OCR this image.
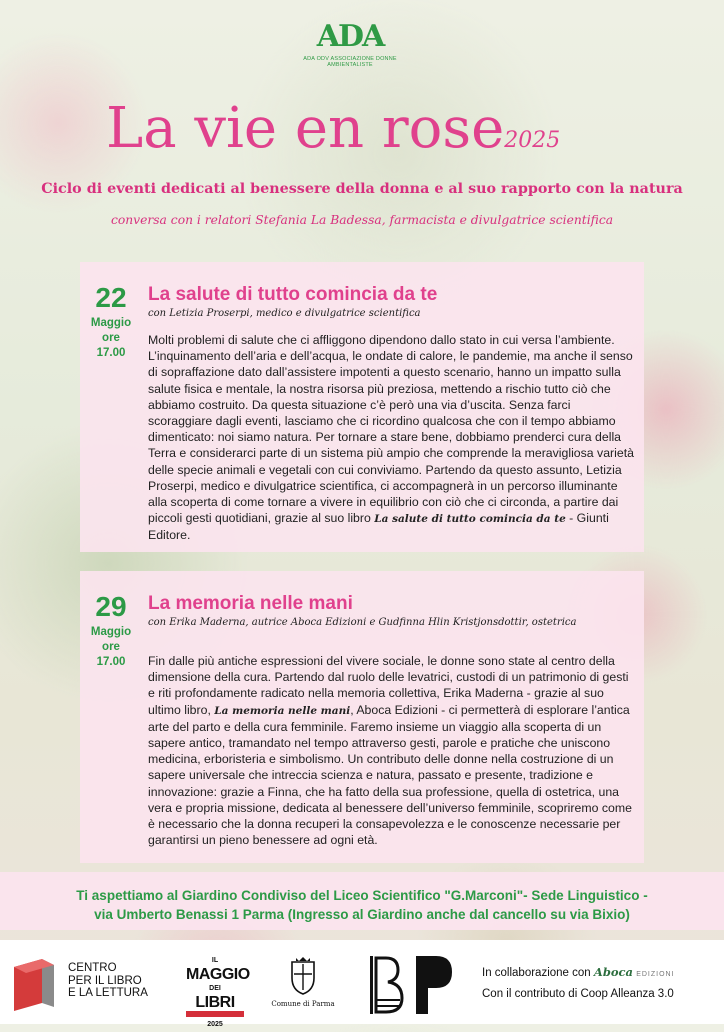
ADA
ADA ODV ASSOCIAZIONE DONNE AMBIENTALISTE
La vie en rose2025
Ciclo di eventi dedicati al benessere della donna e al suo rapporto con la natura
conversa con i relatori Stefania La Badessa, farmacista e divulgatrice scientifica
22
Maggio
ore
17.00
La salute di tutto comincia da te
con Letizia Proserpi, medico e divulgatrice scientifica
Molti problemi di salute che ci affliggono dipendono dallo stato in cui versa l’ambiente. L’inquinamento dell’aria e dell’acqua, le ondate di calore, le pandemie, ma anche il senso di sopraffazione dato dall’assistere impotenti a questo scenario, hanno un impatto sulla salute fisica e mentale, la nostra risorsa più preziosa, mettendo a rischio tutto ciò che abbiamo costruito. Da questa situazione c’è però una via d’uscita. Senza farci scoraggiare dagli eventi, lasciamo che ci ricordino qualcosa che con il tempo abbiamo dimenticato: noi siamo natura. Per tornare a stare bene, dobbiamo prenderci cura della Terra e considerarci parte di un sistema più ampio che comprende la meravigliosa varietà delle specie animali e vegetali con cui conviviamo. Partendo da questo assunto, Letizia Proserpi, medico e divulgatrice scientifica, ci accompagnerà in un percorso illuminante alla scoperta di come tornare a vivere in equilibrio con ciò che ci circonda, a partire dai piccoli gesti quotidiani, grazie al suo libro La salute di tutto comincia da te - Giunti Editore.
29
Maggio
ore
17.00
La memoria nelle mani
con Erika Maderna, autrice Aboca Edizioni e Gudfinna Hlin Kristjonsdottir, ostetrica
Fin dalle più antiche espressioni del vivere sociale, le donne sono state al centro della dimensione della cura. Partendo dal ruolo delle levatrici, custodi di un patrimonio di gesti e riti profondamente radicato nella memoria collettiva, Erika Maderna - grazie al suo ultimo libro, La memoria nelle mani, Aboca Edizioni - ci permetterà di esplorare l’antica arte del parto e della cura femminile. Faremo insieme un viaggio alla scoperta di un sapere antico, tramandato nel tempo attraverso gesti, parole e pratiche che uniscono medicina, erboristeria e simbolismo. Un contributo delle donne nella costruzione di un sapere universale che intreccia scienza e natura, passato e presente, tradizione e innovazione: grazie a Finna, che ha fatto della sua professione, quella di ostetrica, una vera e propria missione, dedicata al benessere dell’universo femminile, scopriremo come è necessario che la donna recuperi la consapevolezza e le conoscenze necessarie per garantirsi un pieno benessere ad ogni età.
Ti aspettiamo al Giardino Condiviso del Liceo Scientifico "G.Marconi"- Sede Linguistico -
via Umberto Benassi 1 Parma (Ingresso al Giardino anche dal cancello su via Bixio)
CENTRO
PER IL LIBRO
E LA LETTURA
IL
MAGGIO
DEI
LIBRI
2025
Comune di Parma
In collaborazione con Aboca EDIZIONI
Con il contributo di Coop Alleanza 3.0
